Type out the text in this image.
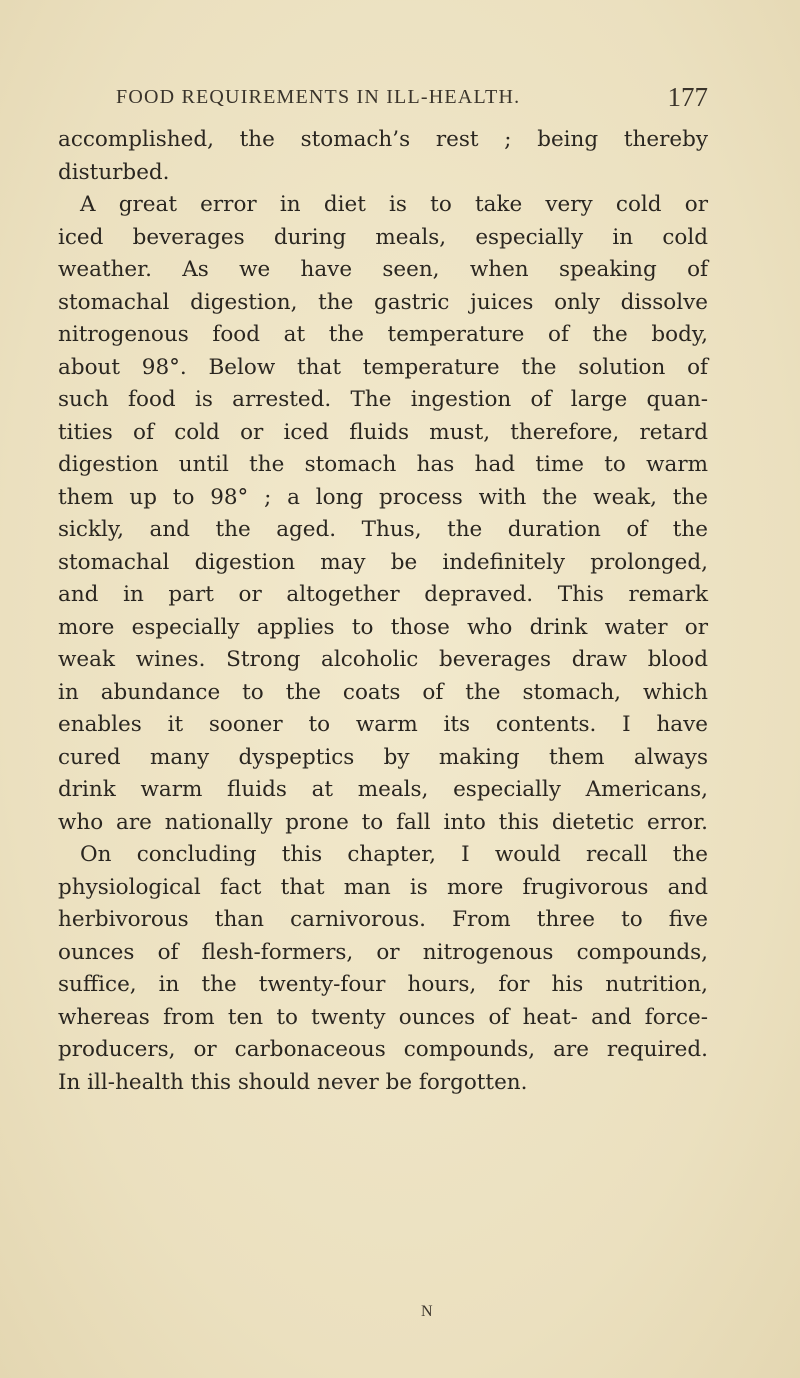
FOOD REQUIREMENTS IN ILL-HEALTH.	177
accomplished, the stomach’s rest ; being thereby
disturbed.
A great error in diet is to take very cold or
iced beverages during meals, especially in cold
weather. As we have seen, when speaking of
stomachal digestion, the gastric juices only dissolve
nitrogenous food at the temperature of the body,
about 98°. Below that temperature the solution of
such food is arrested. The ingestion of large quan-
tities of cold or iced fluids must, therefore, retard
digestion until the stomach has had time to warm
them up to 98° ; a long process with the weak, the
sickly, and the aged. Thus, the duration of the
stomachal digestion may be indefinitely prolonged,
and in part or altogether depraved. This remark
more especially applies to those who drink water or
weak wines. Strong alcoholic beverages draw blood
in abundance to the coats of the stomach, which
enables it sooner to warm its contents. I have
cured many dyspeptics by making them always
drink warm fluids at meals, especially Americans,
who are nationally prone to fall into this dietetic error.
On concluding this chapter, I would recall the
physiological fact that man is more frugivorous and
herbivorous than carnivorous. From three to five
ounces of flesh-formers, or nitrogenous compounds,
suffice, in the twenty-four hours, for his nutrition,
whereas from ten to twenty ounces of heat- and force-
producers, or carbonaceous compounds, are required.
In ill-health this should never be forgotten.
N
